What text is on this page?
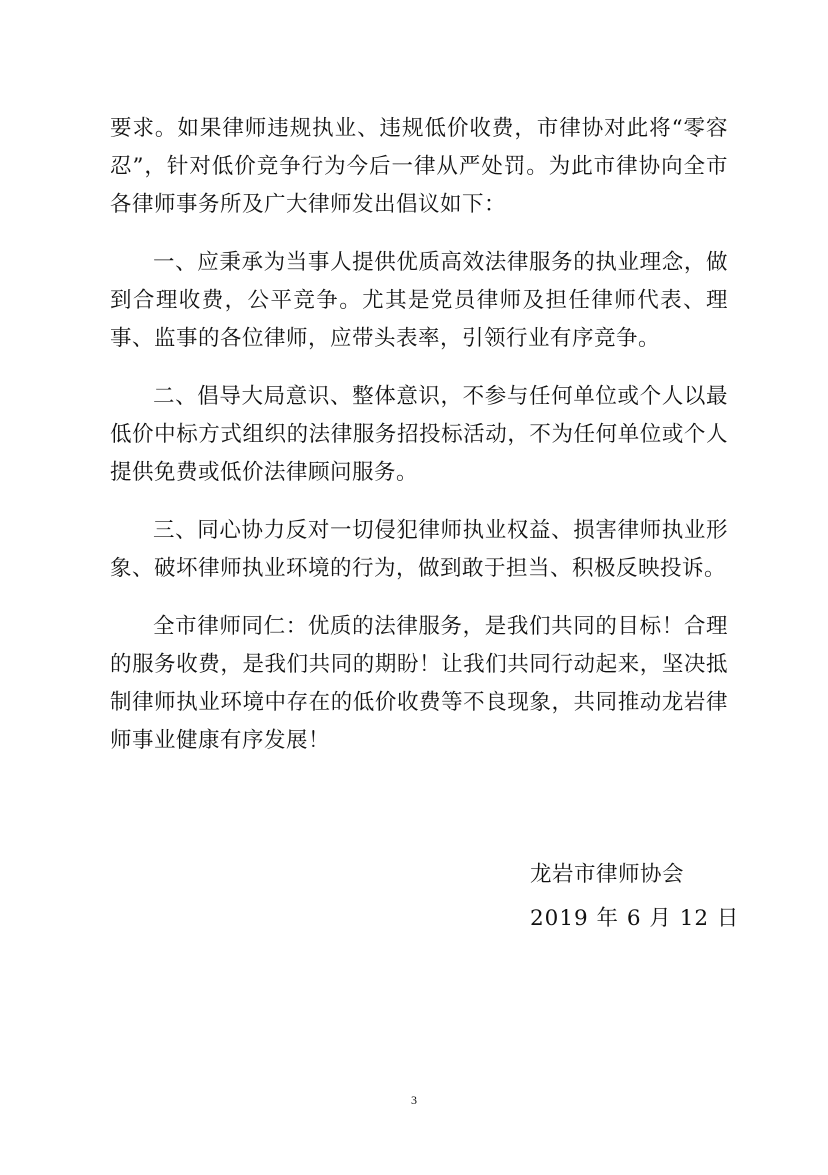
要求。如果律师违规执业、违规低价收费，市律协对此将“零容忍”，针对低价竞争行为今后一律从严处罚。为此市律协向全市各律师事务所及广大律师发出倡议如下：

一、应秉承为当事人提供优质高效法律服务的执业理念，做到合理收费，公平竞争。尤其是党员律师及担任律师代表、理事、监事的各位律师，应带头表率，引领行业有序竞争。

二、倡导大局意识、整体意识，不参与任何单位或个人以最低价中标方式组织的法律服务招投标活动，不为任何单位或个人提供免费或低价法律顾问服务。

三、同心协力反对一切侵犯律师执业权益、损害律师执业形象、破坏律师执业环境的行为，做到敢于担当、积极反映投诉。

全市律师同仁：优质的法律服务，是我们共同的目标！合理的服务收费，是我们共同的期盼！让我们共同行动起来，坚决抵制律师执业环境中存在的低价收费等不良现象，共同推动龙岩律师事业健康有序发展！

龙岩市律师协会
2019 年 6 月 12 日
3
